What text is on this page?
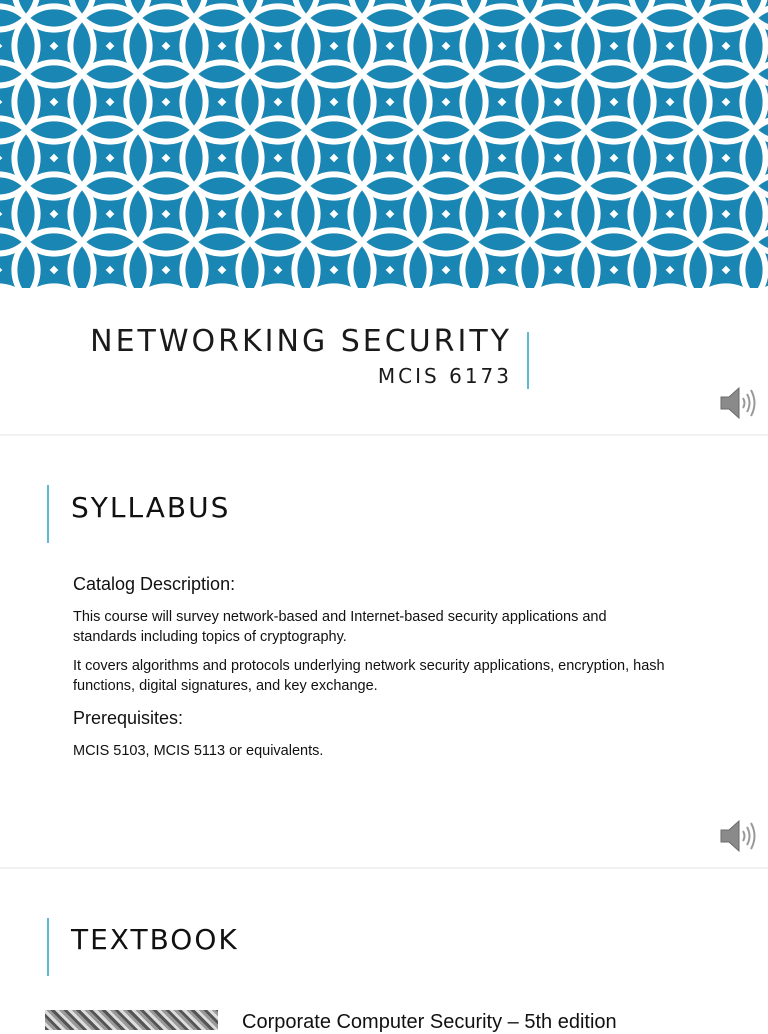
NETWORKING SECURITY
MCIS 6173
SYLLABUS
Catalog Description:
This course will survey network-based and Internet-based security applications and standards including topics of cryptography.
It covers algorithms and protocols underlying network security applications, encryption, hash functions, digital signatures, and key exchange.
Prerequisites:
MCIS 5103, MCIS 5113 or equivalents.
TEXTBOOK
Corporate Computer Security – 5th edition
